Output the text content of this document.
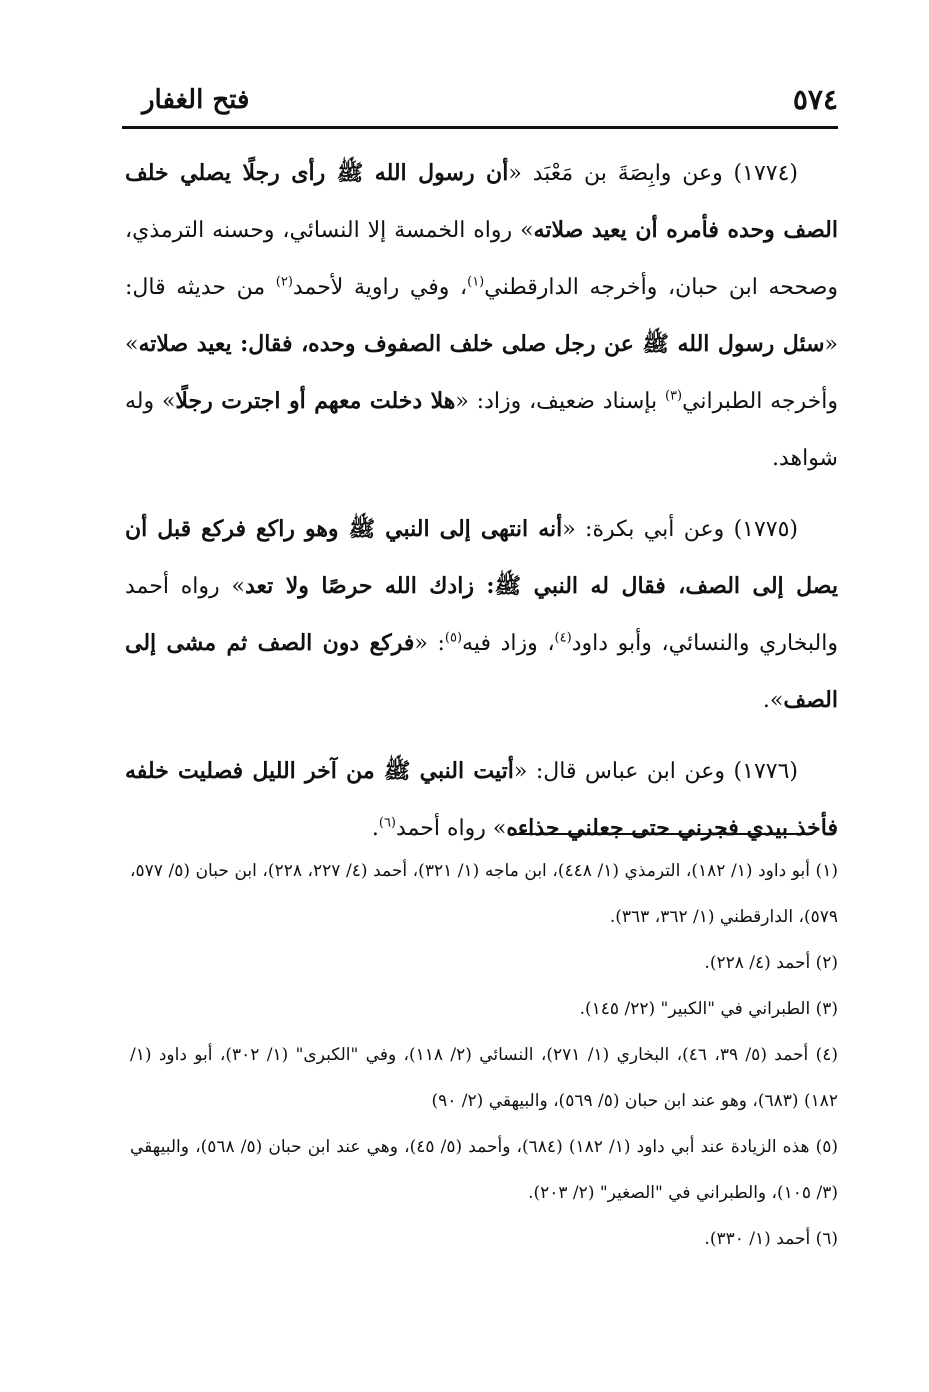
٥٧٤
فتح الغفار

(١٧٧٤) وعن وابِصَةَ بن مَعْبَد «أن رسول الله ﷺ رأى رجلًا يصلي خلف الصف وحده فأمره أن يعيد صلاته» رواه الخمسة إلا النسائي، وحسنه الترمذي، وصححه ابن حبان، وأخرجه الدارقطني$^{(١)}$، وفي راوية لأحمد$^{(٢)}$ من حديثه قال: «سئل رسول الله ﷺ عن رجل صلى خلف الصفوف وحده، فقال: يعيد صلاته» وأخرجه الطبراني$^{(٣)}$ بإسناد ضعيف، وزاد: «هلا دخلت معهم أو اجترت رجلًا» وله شواهد.

(١٧٧٥) وعن أبي بكرة: «أنه انتهى إلى النبي ﷺ وهو راكع فركع قبل أن يصل إلى الصف، فقال له النبي ﷺ: زادك الله حرصًا ولا تعد» رواه أحمد والبخاري والنسائي، وأبو داود$^{(٤)}$، وزاد فيه$^{(٥)}$: «فركع دون الصف ثم مشى إلى الصف».

(١٧٧٦) وعن ابن عباس قال: «أتيت النبي ﷺ من آخر الليل فصليت خلفه فأخذ بيدي فجرني حتى جعلني حذاءه» رواه أحمد$^{(٦)}$.

(١) أبو داود (١/ ١٨٢)، الترمذي (١/ ٤٤٨)، ابن ماجه (١/ ٣٢١)، أحمد (٤/ ٢٢٧، ٢٢٨)، ابن حبان (٥/ ٥٧٧، ٥٧٩)، الدارقطني (١/ ٣٦٢، ٣٦٣).

(٢) أحمد (٤/ ٢٢٨).

(٣) الطبراني في "الكبير" (٢٢/ ١٤٥).

(٤) أحمد (٥/ ٣٩، ٤٦)، البخاري (١/ ٢٧١)، النسائي (٢/ ١١٨)، وفي "الكبرى" (١/ ٣٠٢)، أبو داود (١/ ١٨٢) (٦٨٣)، وهو عند ابن حبان (٥/ ٥٦٩)، والبيهقي (٢/ ٩٠)

(٥) هذه الزيادة عند أبي داود (١/ ١٨٢) (٦٨٤)، وأحمد (٥/ ٤٥)، وهي عند ابن حبان (٥/ ٥٦٨)، والبيهقي (٣/ ١٠٥)، والطبراني في "الصغير" (٢/ ٢٠٣).

(٦) أحمد (١/ ٣٣٠).
